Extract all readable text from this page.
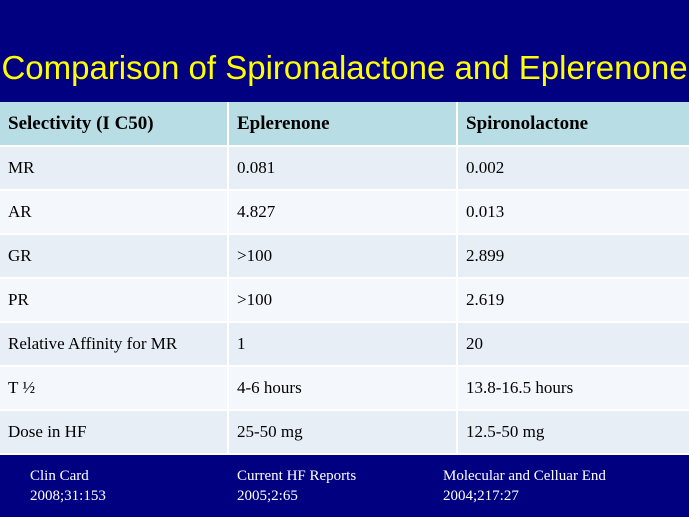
Comparison of Spironalactone and Eplerenone
Selectivity (I C50)	Eplerenone	Spironolactone
MR	0.081	0.002
AR	4.827	0.013
GR	>100	2.899
PR	>100	2.619
Relative Affinity for MR	1	20
T ½	4-6 hours	13.8-16.5 hours
Dose in HF	25-50 mg	12.5-50 mg
Clin Card
2008;31:153
Current HF Reports
2005;2:65
Molecular and Celluar End
2004;217:27
